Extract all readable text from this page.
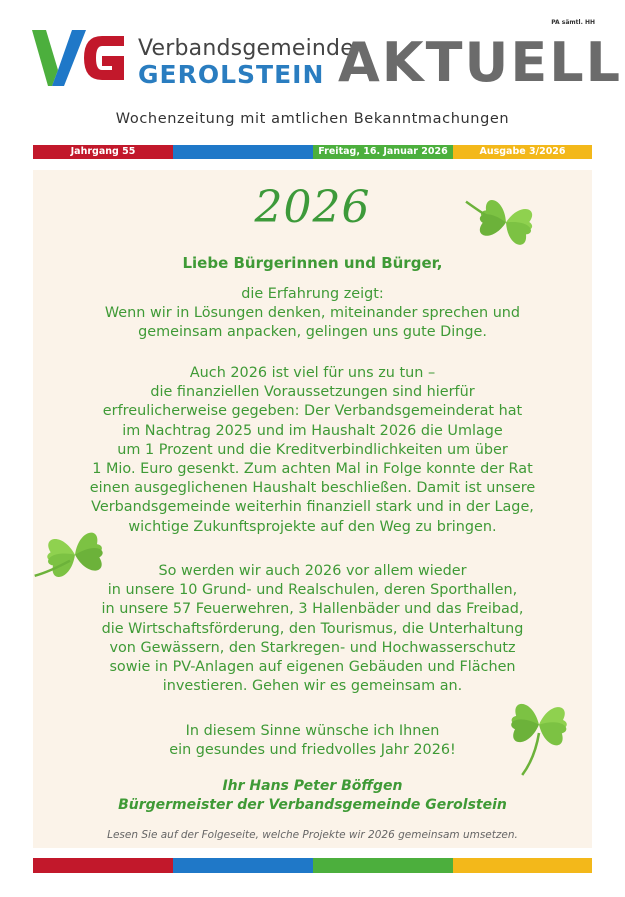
PA sämtl. HH
VG
Verbandsgemeinde
GEROLSTEIN AKTUELL
Wochenzeitung mit amtlichen Bekanntmachungen
Jahrgang 55	Freitag, 16. Januar 2026	Ausgabe 3/2026
2026
Liebe Bürgerinnen und Bürger,
die Erfahrung zeigt:
Wenn wir in Lösungen denken, miteinander sprechen und
gemeinsam anpacken, gelingen uns gute Dinge.
Auch 2026 ist viel für uns zu tun –
die finanziellen Voraussetzungen sind hierfür
erfreulicherweise gegeben: Der Verbandsgemeinderat hat
im Nachtrag 2025 und im Haushalt 2026 die Umlage
um 1 Prozent und die Kreditverbindlichkeiten um über
1 Mio. Euro gesenkt. Zum achten Mal in Folge konnte der Rat
einen ausgeglichenen Haushalt beschließen. Damit ist unsere
Verbandsgemeinde weiterhin finanziell stark und in der Lage,
wichtige Zukunftsprojekte auf den Weg zu bringen.
So werden wir auch 2026 vor allem wieder
in unsere 10 Grund- und Realschulen, deren Sporthallen,
in unsere 57 Feuerwehren, 3 Hallenbäder und das Freibad,
die Wirtschaftsförderung, den Tourismus, die Unterhaltung
von Gewässern, den Starkregen- und Hochwasserschutz
sowie in PV-Anlagen auf eigenen Gebäuden und Flächen
investieren. Gehen wir es gemeinsam an.
In diesem Sinne wünsche ich Ihnen
ein gesundes und friedvolles Jahr 2026!
Ihr Hans Peter Böffgen
Bürgermeister der Verbandsgemeinde Gerolstein
Lesen Sie auf der Folgeseite, welche Projekte wir 2026 gemeinsam umsetzen.
